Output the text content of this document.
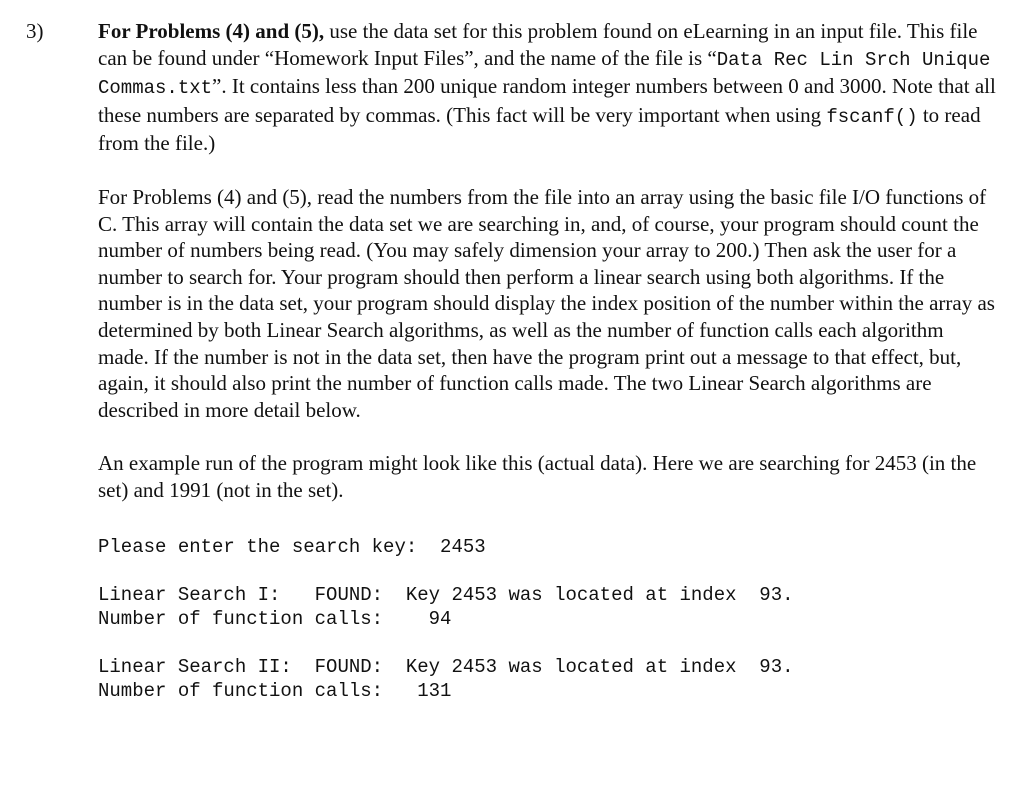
3)	For Problems (4) and (5), use the data set for this problem found on eLearning in an input file. This file can be found under “Homework Input Files”, and the name of the file is “Data Rec Lin Srch Unique Commas.txt”. It contains less than 200 unique random integer numbers between 0 and 3000. Note that all these numbers are separated by commas. (This fact will be very important when using fscanf() to read from the file.)

For Problems (4) and (5), read the numbers from the file into an array using the basic file I/O functions of C. This array will contain the data set we are searching in, and, of course, your program should count the number of numbers being read. (You may safely dimension your array to 200.) Then ask the user for a number to search for. Your program should then perform a linear search using both algorithms. If the number is in the data set, your program should display the index position of the number within the array as determined by both Linear Search algorithms, as well as the number of function calls each algorithm made. If the number is not in the data set, then have the program print out a message to that effect, but, again, it should also print the number of function calls made. The two Linear Search algorithms are described in more detail below.

An example run of the program might look like this (actual data). Here we are searching for 2453 (in the set) and 1991 (not in the set).

Please enter the search key:  2453
Linear Search I:   FOUND:  Key 2453 was located at index  93.
Number of function calls:    94
Linear Search II:  FOUND:  Key 2453 was located at index  93.
Number of function calls:   131
